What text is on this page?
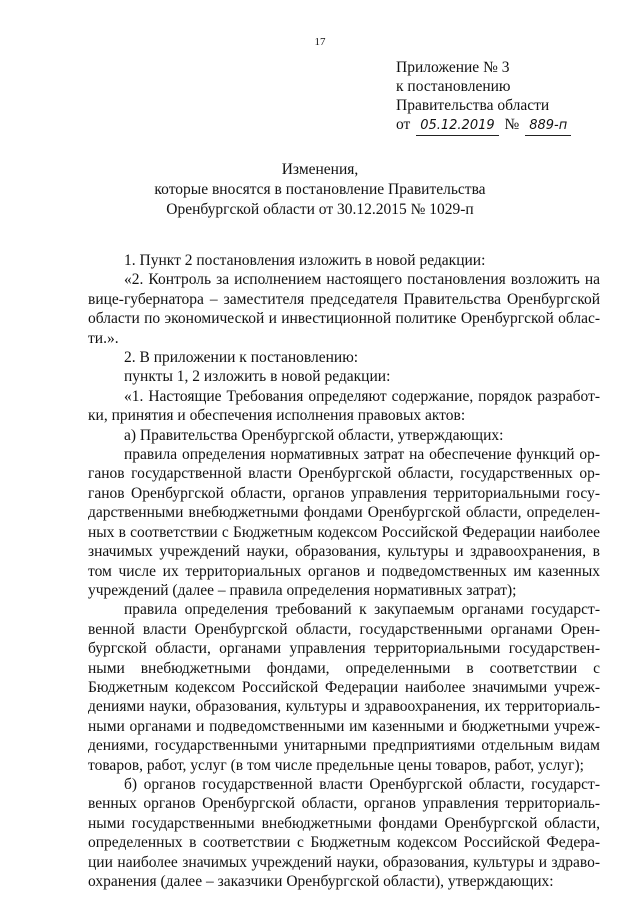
17
Приложение № 3
к постановлению
Правительства области
от 05.12.2019 № 889-п
Изменения,
которые вносятся в постановление Правительства
Оренбургской области от 30.12.2015 № 1029-п

1. Пункт 2 постановления изложить в новой редакции:

«2. Контроль за исполнением настоящего постановления возложить на вице-губернатора – заместителя председателя Правительства Оренбургской области по экономической и инвестиционной политике Оренбургской облас- ти.».

2. В приложении к постановлению:

пункты 1, 2 изложить в новой редакции:

«1. Настоящие Требования определяют содержание, порядок разработ- ки, принятия и обеспечения исполнения правовых актов:

а) Правительства Оренбургской области, утверждающих:

правила определения нормативных затрат на обеспечение функций ор- ганов государственной власти Оренбургской области, государственных ор- ганов Оренбургской области, органов управления территориальными госу- дарственными внебюджетными фондами Оренбургской области, определен- ных в соответствии с Бюджетным кодексом Российской Федерации наиболее значимых учреждений науки, образования, культуры и здравоохранения, в том числе их территориальных органов и подведомственных им казенных учреждений (далее – правила определения нормативных затрат);

правила определения требований к закупаемым органами государст- венной власти Оренбургской области, государственными органами Орен- бургской области, органами управления территориальными государствен- ными внебюджетными фондами, определенными в соответствии с Бюджетным кодексом Российской Федерации наиболее значимыми учреж- дениями науки, образования, культуры и здравоохранения, их территориаль- ными органами и подведомственными им казенными и бюджетными учреж- дениями, государственными унитарными предприятиями отдельным видам товаров, работ, услуг (в том числе предельные цены товаров, работ, услуг);

б) органов государственной власти Оренбургской области, государст- венных органов Оренбургской области, органов управления территориаль- ными государственными внебюджетными фондами Оренбургской области, определенных в соответствии с Бюджетным кодексом Российской Федера- ции наиболее значимых учреждений науки, образования, культуры и здраво- охранения (далее – заказчики Оренбургской области), утверждающих:
